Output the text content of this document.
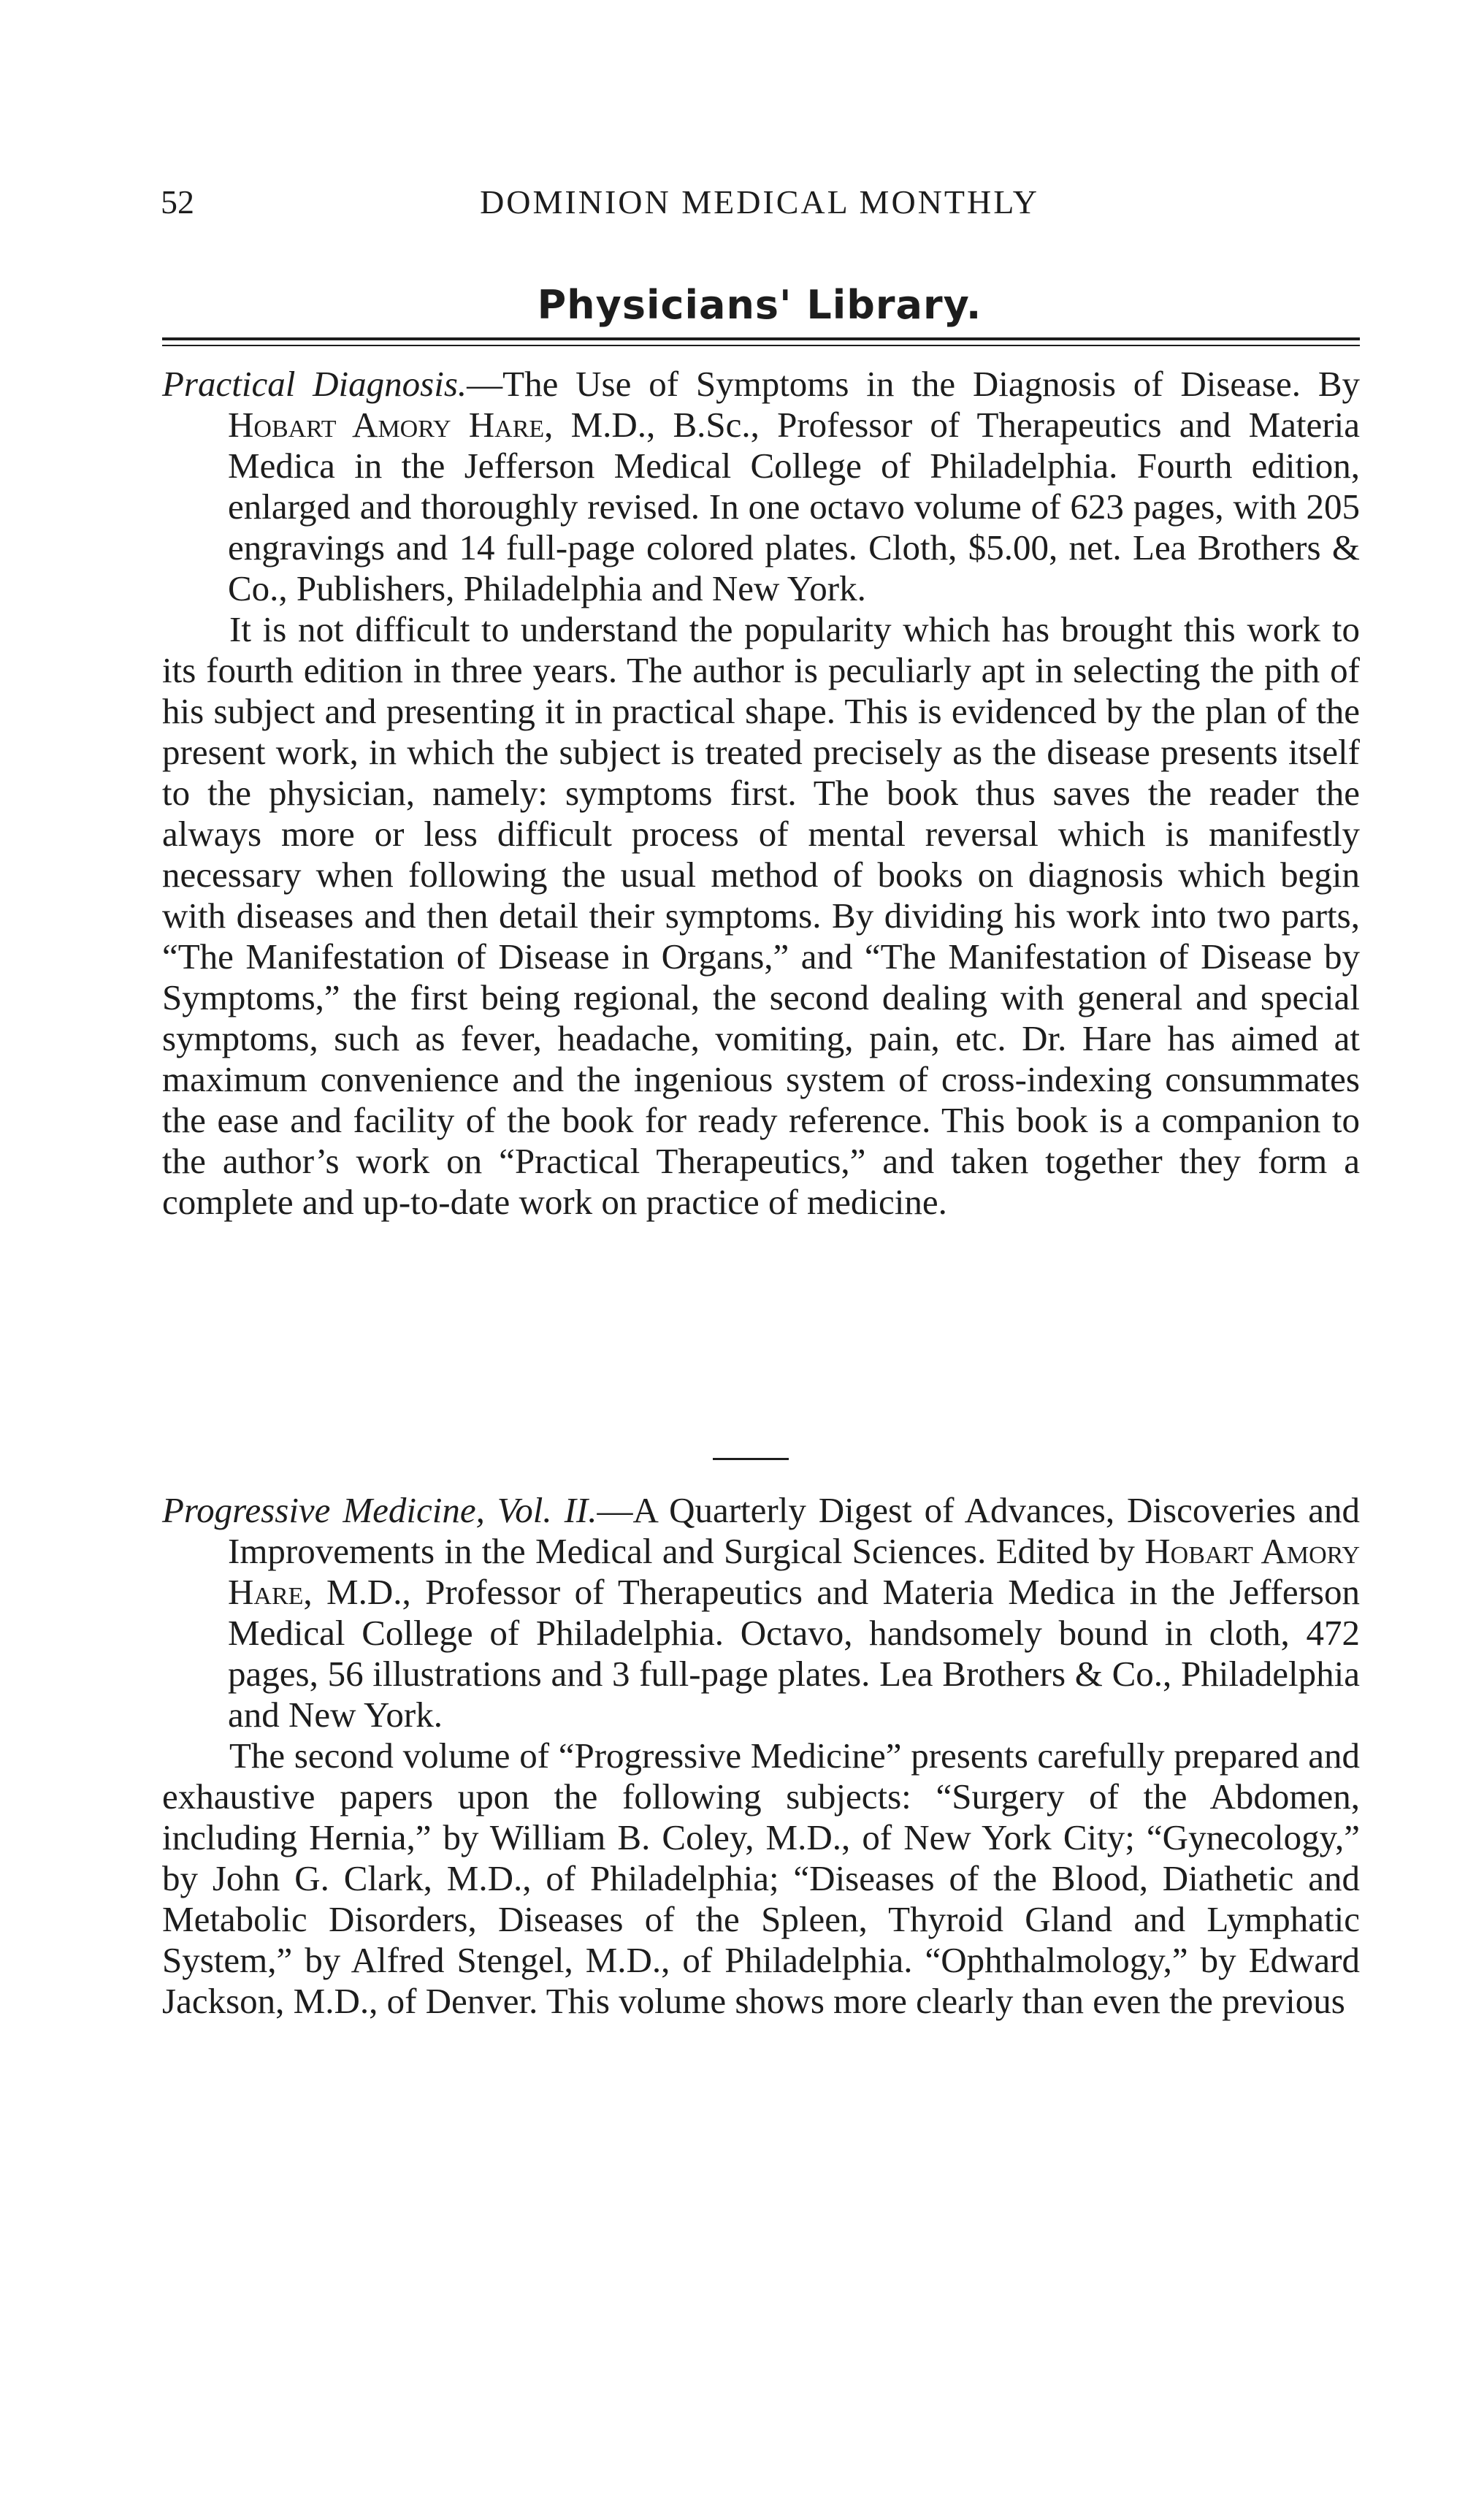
52	DOMINION MEDICAL MONTHLY
Physicians' Library.

Practical Diagnosis.—The Use of Symptoms in the Diagnosis of Disease. By Hobart Amory Hare, M.D., B.Sc., Professor of Therapeutics and Materia Medica in the Jefferson Medical College of Philadelphia. Fourth edition, enlarged and thoroughly revised. In one octavo volume of 623 pages, with 205 engravings and 14 full-page colored plates. Cloth, $5.00, net. Lea Brothers & Co., Publishers, Philadelphia and New York.

It is not difficult to understand the popularity which has brought this work to its fourth edition in three years. The author is peculiarly apt in selecting the pith of his subject and presenting it in practical shape. This is evidenced by the plan of the present work, in which the subject is treated precisely as the disease presents itself to the physician, namely: symptoms first. The book thus saves the reader the always more or less difficult process of mental reversal which is manifestly necessary when following the usual method of books on diagnosis which begin with diseases and then detail their symptoms. By dividing his work into two parts, “The Manifestation of Disease in Organs,” and “The Manifestation of Disease by Symptoms,” the first being regional, the second dealing with general and special symptoms, such as fever, headache, vomiting, pain, etc. Dr. Hare has aimed at maximum convenience and the ingenious system of cross-indexing consummates the ease and facility of the book for ready reference. This book is a companion to the author’s work on “Practical Therapeutics,” and taken together they form a complete and up-to-date work on practice of medicine.

Progressive Medicine, Vol. II.—A Quarterly Digest of Advances, Discoveries and Improvements in the Medical and Surgical Sciences. Edited by Hobart Amory Hare, M.D., Professor of Therapeutics and Materia Medica in the Jefferson Medical College of Philadelphia. Octavo, handsomely bound in cloth, 472 pages, 56 illustrations and 3 full-page plates. Lea Brothers & Co., Philadelphia and New York.

The second volume of “Progressive Medicine” presents carefully prepared and exhaustive papers upon the following subjects: “Surgery of the Abdomen, including Hernia,” by William B. Coley, M.D., of New York City; “Gynecology,” by John G. Clark, M.D., of Philadelphia; “Diseases of the Blood, Diathetic and Metabolic Disorders, Diseases of the Spleen, Thyroid Gland and Lymphatic System,” by Alfred Stengel, M.D., of Philadelphia. “Ophthalmology,” by Edward Jackson, M.D., of Denver. This volume shows more clearly than even the previous
